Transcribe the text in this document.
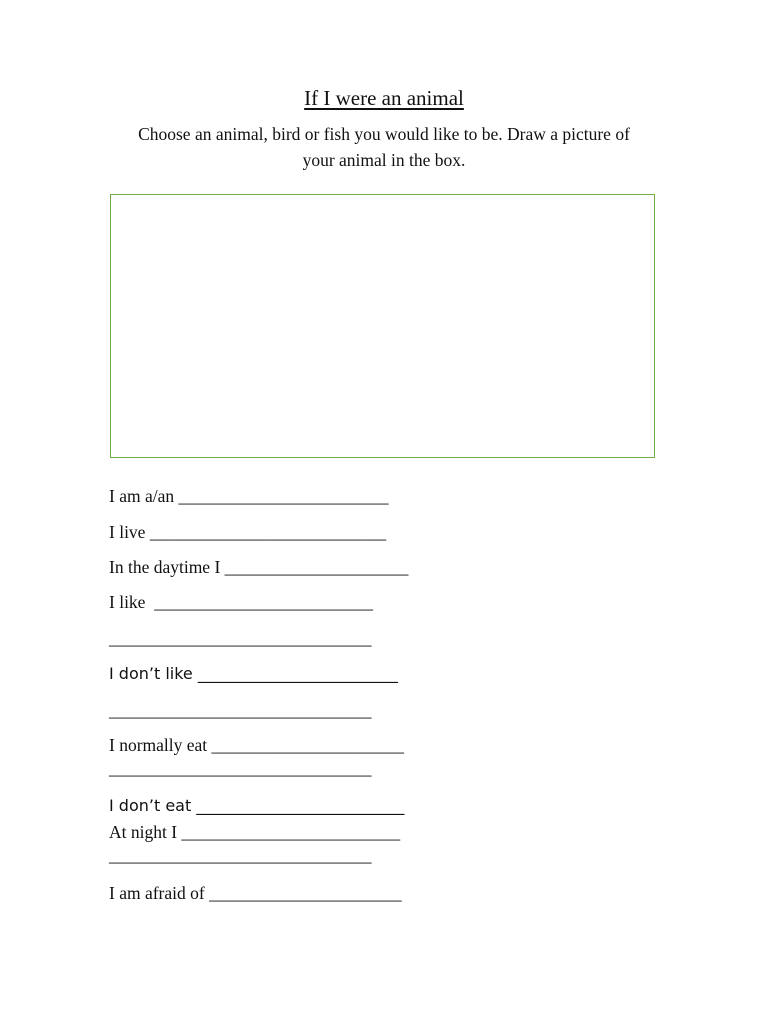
If I were an animal
Choose an animal, bird or fish you would like to be. Draw a picture of your animal in the box.
I am a/an ________________________
I live ___________________________
In the daytime I _____________________
I like  _________________________
______________________________
I don’t like _________________________
______________________________
I normally eat ______________________
______________________________
I don’t eat __________________________
At night I _________________________
______________________________
I am afraid of ______________________
